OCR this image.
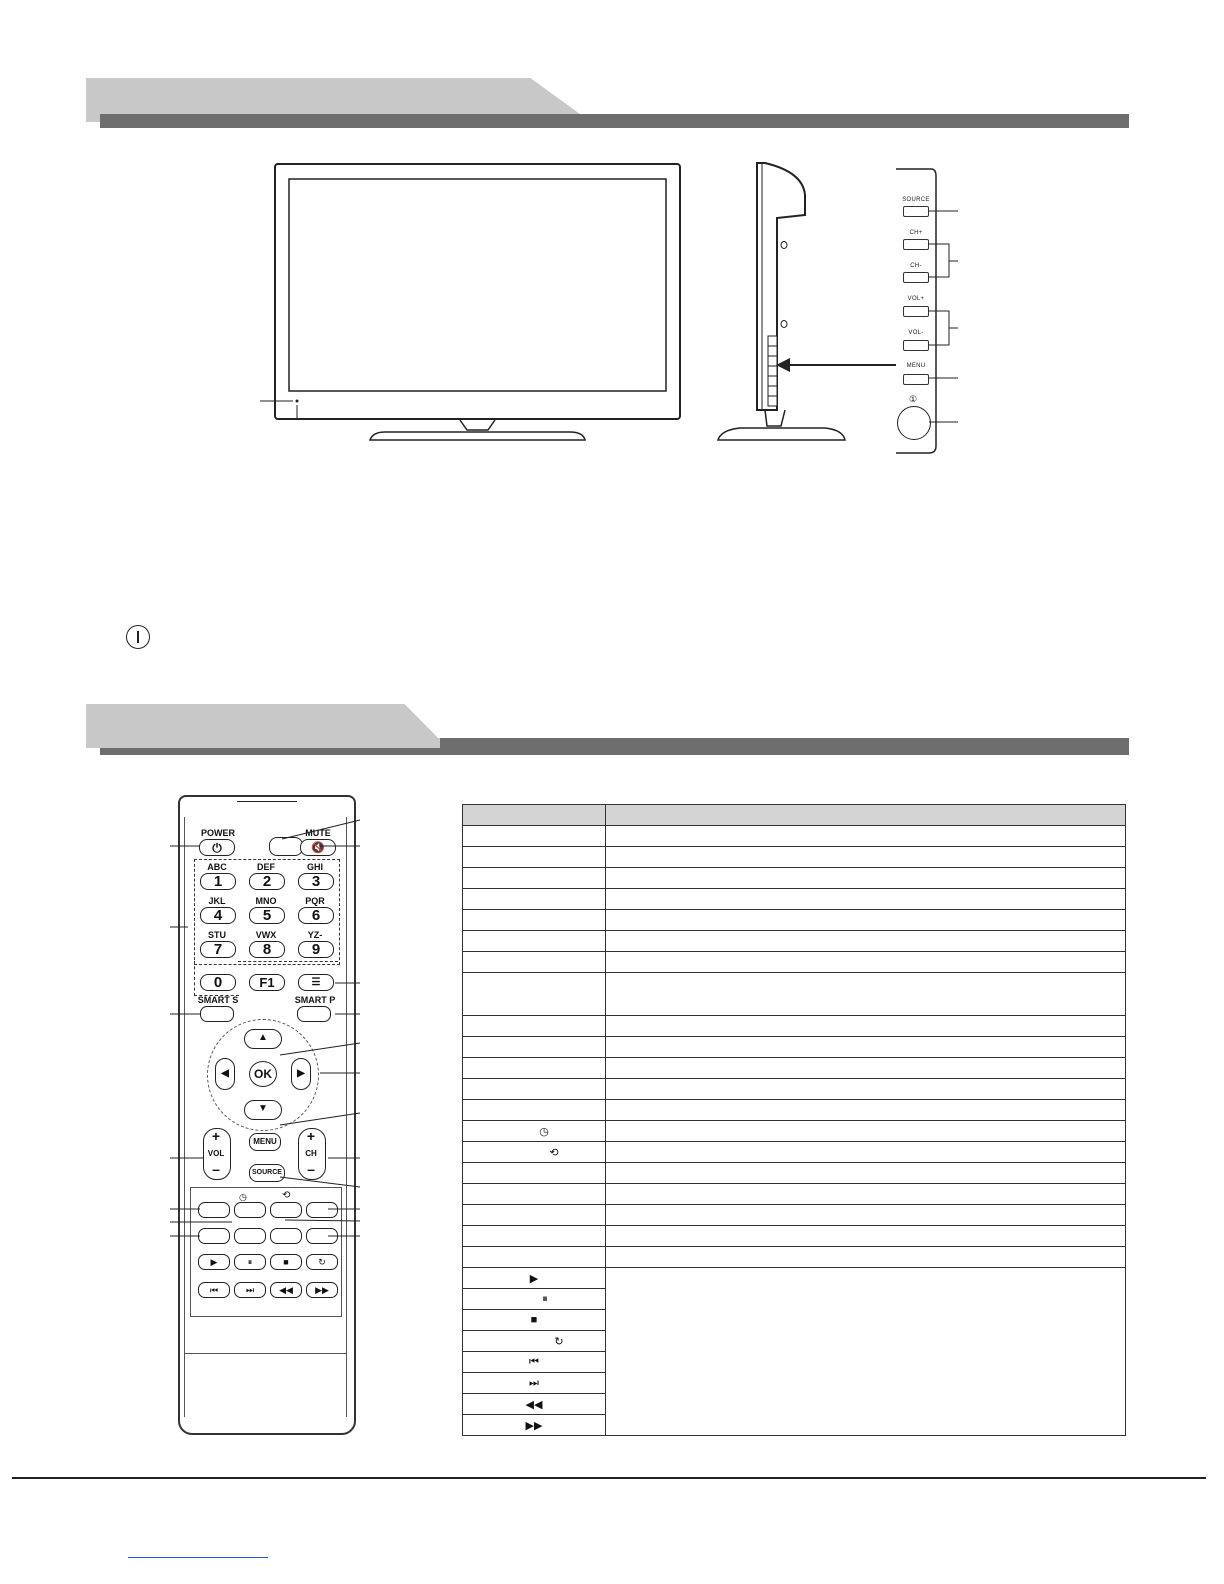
SOURCE
CH+
CH-
VOL+
VOL-
MENU
①
POWER
⏻
MUTE
🔇
ABC
1
DEF
2
GHI
3
JKL
4
MNO
5
PQR
6
STU
7
VWX
8
YZ-
9
0	F1	☰
SMART S	SMART P
▲
▼
◀	▶
OK
+
VOL
–
+
CH
–
MENU
SOURCE
◷	⟲
▶	⏸	■	↻
⏮	⏭	◀◀	▶▶

◷	
⟲	

▶	
⏸	
■	
↻	
⏮	
⏭	
◀◀	
▶▶	
